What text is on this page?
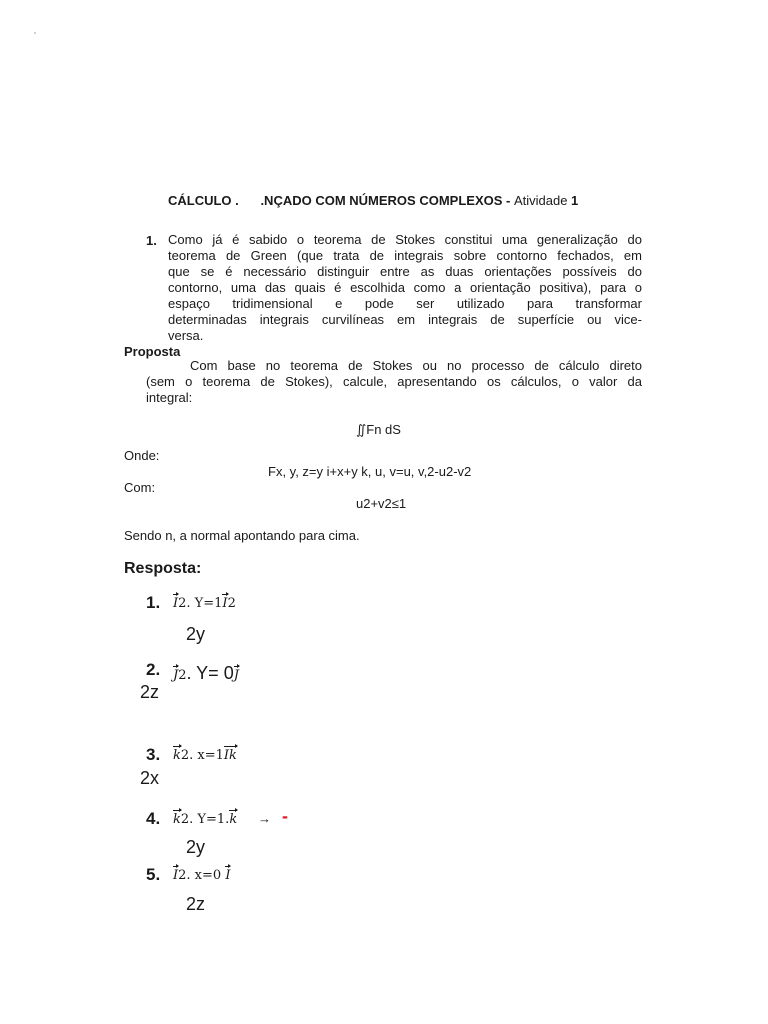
CÁLCULO .      .NÇADO COM NÚMEROS COMPLEXOS - Atividade 1
1. Como já é sabido o teorema de Stokes constitui uma generalização do
teorema de Green (que trata de integrais sobre contorno fechados, em
que se é necessário distinguir entre as duas orientações possíveis do
contorno, uma das quais é escolhida como a orientação positiva), para o
espaço tridimensional e pode ser utilizado para transformar
determinadas integrais curvilíneas em integrais de superfície ou vice-
versa.
Proposta
Com base no teorema de Stokes ou no processo de cálculo direto
(sem o teorema de Stokes), calcule, apresentando os cálculos, o valor da
integral:
∬Fn dS
Onde:
Fx, y, z=y i+x+y k, u, v=u, v,2-u2-v2
Com:
u2+v2≤1
Sendo n, a normal apontando para cima.
Resposta:
1. I2. Y=1I2
2y
2. J2. Y= 0J
2z
3. k2. x=1Ik
2x
4. k2. Y=1.k → -
2y
5. I2. x=0 I
2z
